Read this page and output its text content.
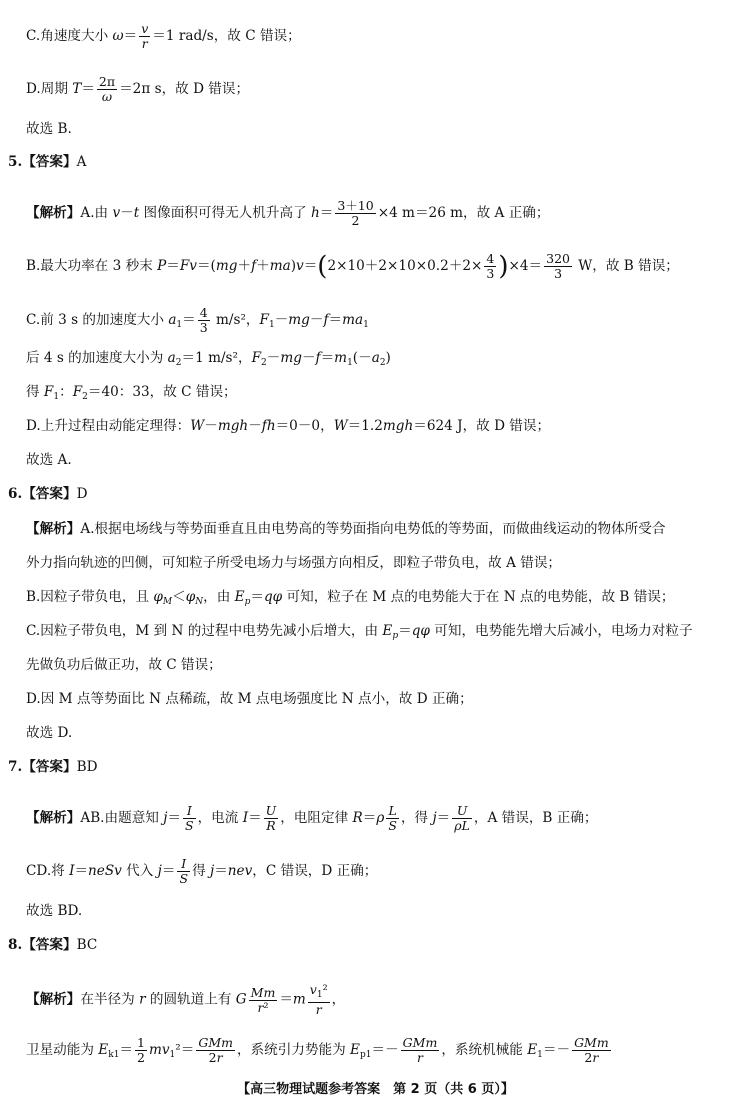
C.角速度大小 $\omega= \frac{v}{r} =1$ rad/s，故 C 错误；
D.周期 $T= \frac{2\pi}{\omega} =2\pi$ s，故 D 错误；
故选 B.
5.【答案】A
【解析】A.由 v－t 图像面积可得无人机升高了 $h= \frac{3+10}{2} \times 4$ m＝26 m，故 A 正确；
B.最大功率在 3 秒末 $P=Fv=(mg+f+ma)v=(2\times 10+2\times 10\times 0.2+2\times \frac{4}{3} )\times 4= \frac{320}{3}$ W，故 B 错误；
C.前 3 s 的加速度大小 $a_1= \frac{4}{3} m/s^2$，$F_1-mg-f=ma_1$
后 4 s 的加速度大小为 $a_2=1$ m/s²，$F_2-mg-f=m_1(-a_2)$
得 $F_1$：$F_2=40$：33，故 C 错误；
D.上升过程由动能定理得：W－mgh－fh＝0－0，W＝1.2mgh＝624 J，故 D 错误；
故选 A.
6.【答案】D
【解析】A.根据电场线与等势面垂直且由电势高的等势面指向电势低的等势面，而做曲线运动的物体所受合
外力指向轨迹的凹侧，可知粒子所受电场力与场强方向相反，即粒子带负电，故 A 错误；
B.因粒子带负电，且 $\varphi_M<\varphi_N$，由 $E_p=q\varphi$ 可知，粒子在 M 点的电势能大于在 N 点的电势能，故 B 错误；
C.因粒子带负电，M 到 N 的过程中电势先减小后增大，由 $E_p=q\varphi$ 可知，电势能先增大后减小，电场力对粒子
先做负功后做正功，故 C 错误；
D.因 M 点等势面比 N 点稀疏，故 M 点电场强度比 N 点小，故 D 正确；
故选 D.
7.【答案】BD
【解析】AB.由题意知 $j= \frac{I}{S}$ ，电流 $I= \frac{U}{R}$ ，电阻定律 $R=\rho \frac{L}{S}$ ，得 $j= \frac{U}{\rho L}$ ，A 错误，B 正确；
CD.将 I＝neSv 代入 $j= \frac{I}{S}$ 得 j＝nev，C 错误，D 正确；
故选 BD.
8.【答案】BC
【解析】在半径为 r 的圆轨道上有 G $\frac{Mm}{\text{r²}} =m \frac{v_1^2}{r}$ ，
卫星动能为 $E_{k1}= \frac{1}{2} mv_1^2= \frac{\text{GMm}}{2r}$ ，系统引力势能为 $E_{p1}=- \frac{\text{GMm}}{r}$ ，系统机械能 $E_1=- \frac{\text{GMm}}{2r}$
【高三物理试题参考答案　第 2 页（共 6 页）】
